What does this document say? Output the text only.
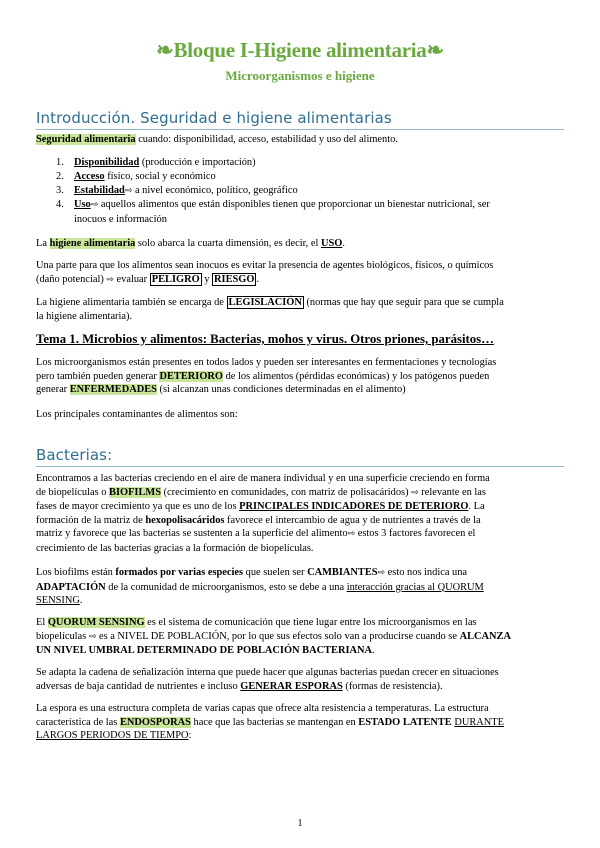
❧Bloque I-Higiene alimentaria❧
Microorganismos e higiene
Introducción. Seguridad e higiene alimentarias
Seguridad alimentaria cuando: disponibilidad, acceso, estabilidad y uso del alimento.
1. Disponibilidad (producción e importación)
2. Acceso físico, social y económico
3. Estabilidad⇨ a nivel económico, político, geográfico
4. Uso⇨ aquellos alimentos que están disponibles tienen que proporcionar un bienestar nutricional, ser
inocuos e información
La higiene alimentaria solo abarca la cuarta dimensión, es decir, el USO.
Una parte para que los alimentos sean inocuos es evitar la presencia de agentes biológicos, físicos, o químicos
(daño potencial) ⇨ evaluar PELIGRO y RIESGO .
La higiene alimentaria también se encarga de LEGISLACIÓN (normas que hay que seguir para que se cumpla
la higiene alimentaria).
Tema 1. Microbios y alimentos: Bacterias, mohos y virus. Otros priones, parásitos…
Los microorganismos están presentes en todos lados y pueden ser interesantes en fermentaciones y tecnologías
pero también pueden generar DETERIORO de los alimentos (pérdidas económicas) y los patógenos pueden
generar ENFERMEDADES (si alcanzan unas condiciones determinadas en el alimento)
Los principales contaminantes de alimentos son:
Bacterias:
Encontramos a las bacterias creciendo en el aire de manera individual y en una superficie creciendo en forma
de biopelículas o BIOFILMS (crecimiento en comunidades, con matriz de polisacáridos) ⇨ relevante en las
fases de mayor crecimiento ya que es uno de los PRINCIPALES INDICADORES DE DETERIORO. La
formación de la matriz de hexopolisacáridos favorece el intercambio de agua y de nutrientes a través de la
matriz y favorece que las bacterias se sustenten a la superficie del alimento⇨ estos 3 factores favorecen el
crecimiento de las bacterias gracias a la formación de biopelículas.
Los biofilms están formados por varias especies que suelen ser CAMBIANTES⇨ esto nos indica una
ADAPTACIÓN de la comunidad de microorganismos, esto se debe a una interacción gracias al QUORUM
SENSING.
El QUORUM SENSING es el sistema de comunicación que tiene lugar entre los microorganismos en las
biopelículas ⇨ es a NIVEL DE POBLACIÓN, por lo que sus efectos solo van a producirse cuando se ALCANZA
UN NIVEL UMBRAL DETERMINADO DE POBLACIÓN BACTERIANA.
Se adapta la cadena de señalización interna que puede hacer que algunas bacterias puedan crecer en situaciones
adversas de baja cantidad de nutrientes e incluso GENERAR ESPORAS (formas de resistencia).
La espora es una estructura completa de varias capas que ofrece alta resistencia a temperaturas. La estructura
característica de las ENDOSPORAS hace que las bacterias se mantengan en ESTADO LATENTE DURANTE
LARGOS PERIODOS DE TIEMPO:
1
